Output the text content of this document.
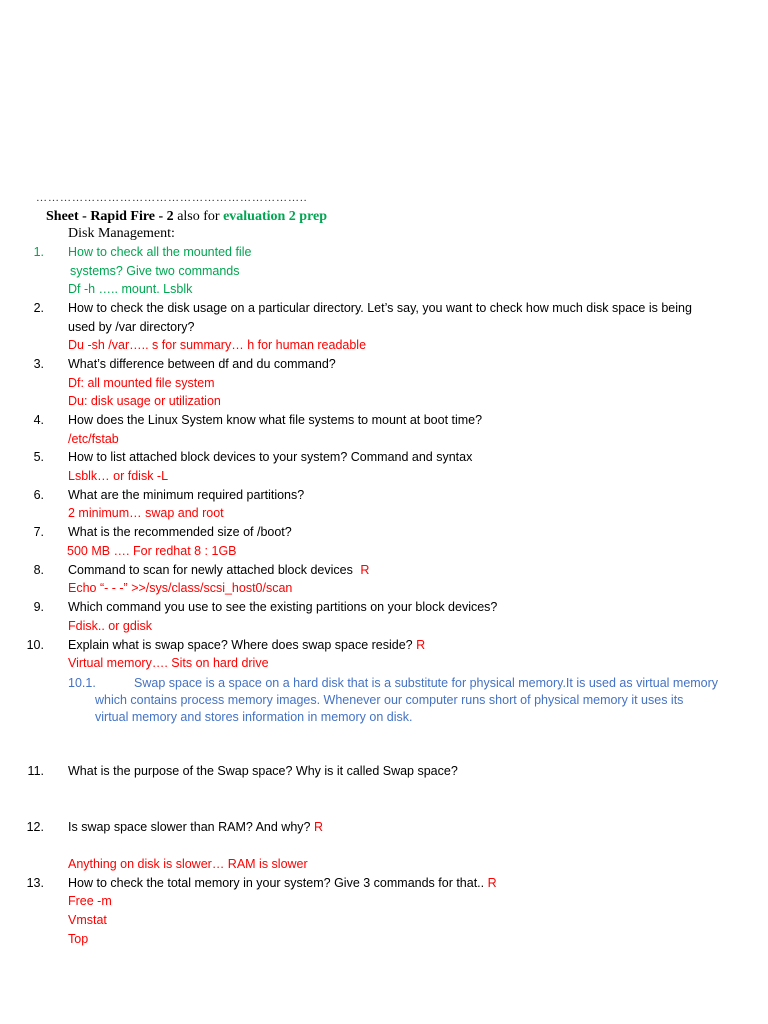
…………………………………………………………..
Sheet - Rapid Fire - 2 also for evaluation 2 prep
Disk Management:
1. How to check all the mounted file
systems? Give two commands
Df -h ….. mount. Lsblk
2. How to check the disk usage on a particular directory. Let’s say, you want to check how much disk space is being
used by /var directory?
Du -sh /var….. s for summary… h for human readable
3. What’s difference between df and du command?
Df: all mounted file system
Du: disk usage or utilization
4. How does the Linux System know what file systems to mount at boot time?
/etc/fstab
5. How to list attached block devices to your system? Command and syntax
Lsblk… or fdisk -L
6. What are the minimum required partitions?
2 minimum… swap and root
7. What is the recommended size of /boot?
500 MB …. For redhat 8 : 1GB
8. Command to scan for newly attached block devices R
Echo “- - -” >>/sys/class/scsi_host0/scan
9. Which command you use to see the existing partitions on your block devices?
Fdisk.. or gdisk
10. Explain what is swap space? Where does swap space reside? R
Virtual memory…. Sits on hard drive
10.1.	Swap space is a space on a hard disk that is a substitute for physical memory.It is used as virtual memory
which contains process memory images. Whenever our computer runs short of physical memory it uses its
virtual memory and stores information in memory on disk.
11. What is the purpose of the Swap space? Why is it called Swap space?
12. Is swap space slower than RAM? And why? R
Anything on disk is slower… RAM is slower
13. How to check the total memory in your system? Give 3 commands for that.. R
Free -m
Vmstat
Top
